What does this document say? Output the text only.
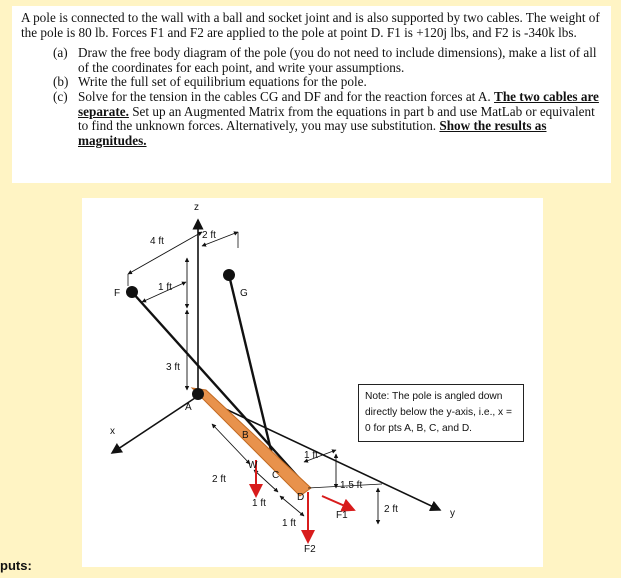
A pole is connected to the wall with a ball and socket joint and is also supported by two cables. The weight of the pole is 80 lb. Forces F1 and F2 are applied to the pole at point D. F1 is +120j lbs, and F2 is -340k lbs.

(a) Draw the free body diagram of the pole (you do not need to include dimensions), make a list of all of the coordinates for each point, and write your assumptions.
(b) Write the full set of equilibrium equations for the pole.
(c) Solve for the tension in the cables CG and DF and for the reaction forces at A. The two cables are separate. Set up an Augmented Matrix from the equations in part b and use MatLab or equivalent to find the unknown forces. Alternatively, you may use substitution. Show the results as magnitudes.
z
x
y
F	G
A
B
C
D
W
F1
F2
4 ft
2 ft
1 ft
3 ft
2 ft
1 ft
1 ft
1 ft
1.5 ft
2 ft
Note: The pole is angled down directly below the y-axis, i.e., x = 0 for pts A, B, C, and D.
puts:
